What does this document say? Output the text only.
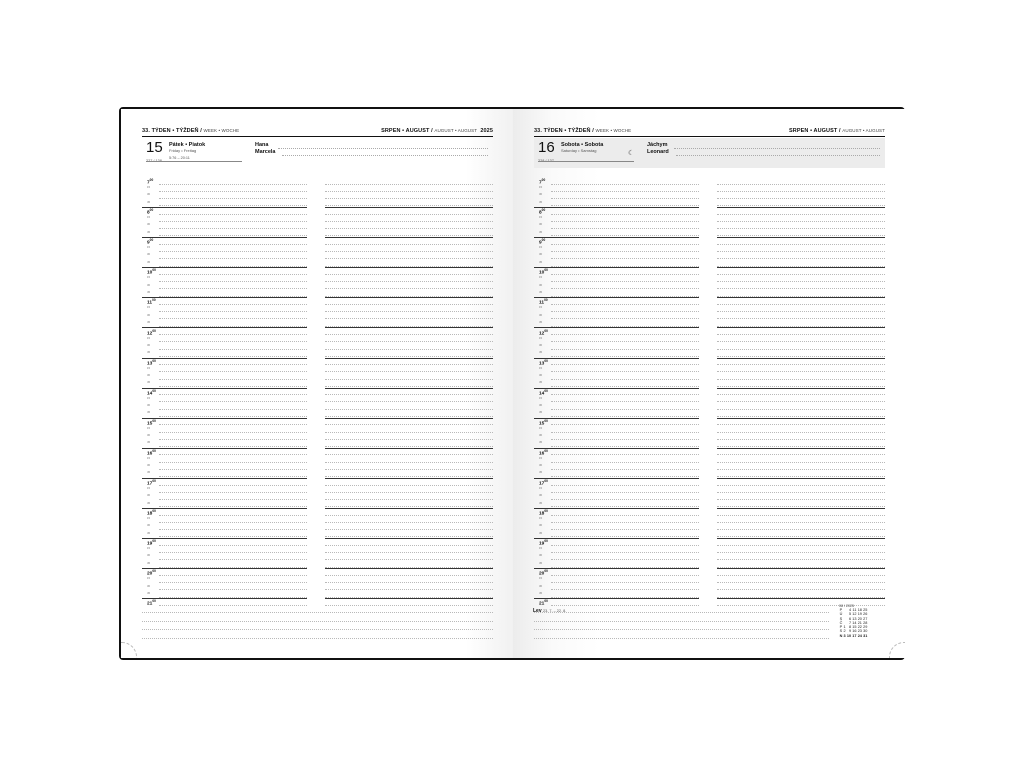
33. TÝDEN • TÝŽDEŇ / WEEK • WOCHE	SRPEN • AUGUST / AUGUST • AUGUST 2025
15 Pátek • Piatok
Friday • Freitag
5:76 – 20:11
Hana
Marcela
$7^{00}$
15
30
45
$8^{00}$
15
30
45
$9^{00}$
15
30
45
$10^{00}$
15
30
45
$11^{00}$
15
30
45
$12^{00}$
15
30
45
$13^{00}$
15
30
45
$14^{00}$
15
30
45
$15^{00}$
15
30
45
$16^{00}$
15
30
45
$17^{00}$
15
30
45
$18^{00}$
15
30
45
$19^{00}$
15
30
45
$20^{00}$
15
30
45
$21^{00}$
33. TÝDEN • TÝŽDEŇ / WEEK • WOCHE	SRPEN • AUGUST / AUGUST • AUGUST
16 Sobota • Sobota
Saturday • Samstag	☾
Jáchym
Leonard
$7^{00}$
15
30
45
$8^{00}$
15
30
45
$9^{00}$
15
30
45
$10^{00}$
15
30
45
$11^{00}$
15
30
45
$12^{00}$
15
30
45
$13^{00}$
15
30
45
$14^{00}$
15
30
45
$15^{00}$
15
30
45
$16^{00}$
15
30
45
$17^{00}$
15
30
45
$18^{00}$
15
30
45
$19^{00}$
15
30
45
$20^{00}$
15
30
45
$21^{00}$
Lev 23. 7. – 22. 8.
08 / 2025
P		4	11	18	25
Ú		5	12	19	26
S		6	13	20	27
Č		7	14	21	28
P	1	8	15	22	29
S	2	9	16	23	30
N	3	10	17	24	31
